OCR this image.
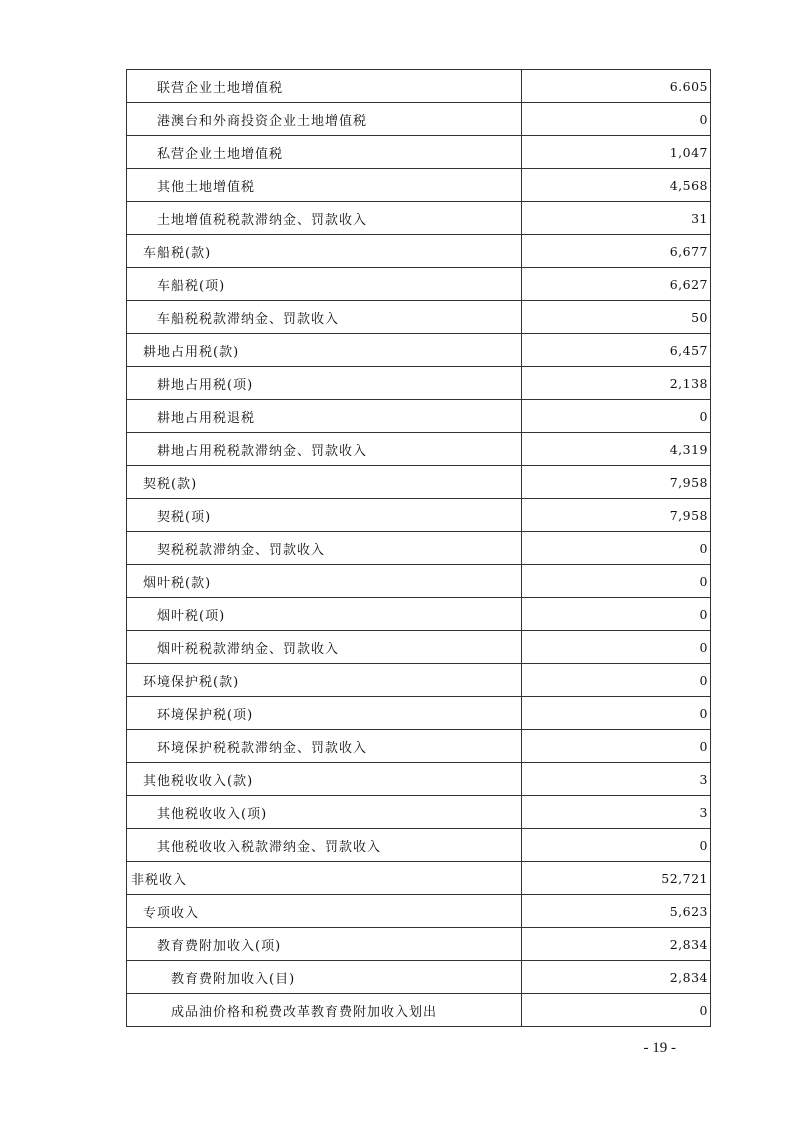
联营企业土地增值税	6.605
港澳台和外商投资企业土地增值税	0
私营企业土地增值税	1,047
其他土地增值税	4,568
土地增值税税款滞纳金、罚款收入	31
车船税(款)	6,677
车船税(项)	6,627
车船税税款滞纳金、罚款收入	50
耕地占用税(款)	6,457
耕地占用税(项)	2,138
耕地占用税退税	0
耕地占用税税款滞纳金、罚款收入	4,319
契税(款)	7,958
契税(项)	7,958
契税税款滞纳金、罚款收入	0
烟叶税(款)	0
烟叶税(项)	0
烟叶税税款滞纳金、罚款收入	0
环境保护税(款)	0
环境保护税(项)	0
环境保护税税款滞纳金、罚款收入	0
其他税收收入(款)	3
其他税收收入(项)	3
其他税收收入税款滞纳金、罚款收入	0
非税收入	52,721
专项收入	5,623
教育费附加收入(项)	2,834
教育费附加收入(目)	2,834
成品油价格和税费改革教育费附加收入划出	0
- 19 -
